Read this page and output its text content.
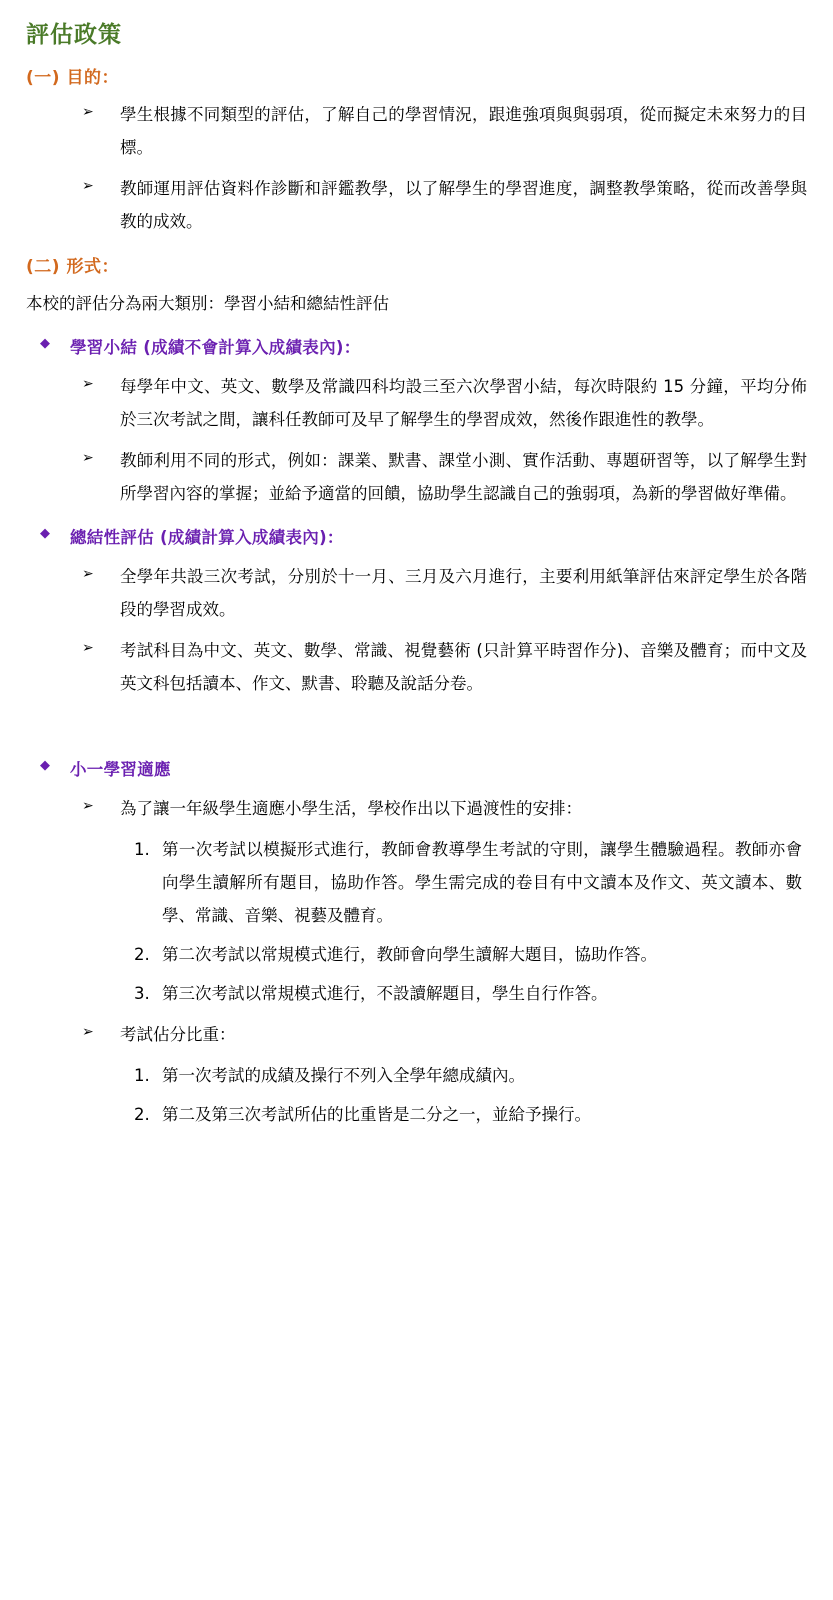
評估政策
(一) 目的：
➢	學生根據不同類型的評估，了解自己的學習情況，跟進強項與與弱項，從而擬定未來努力的目標。
➢	教師運用評估資料作診斷和評鑑教學，以了解學生的學習進度，調整教學策略，從而改善學與教的成效。
(二) 形式：
本校的評估分為兩大類別：學習小結和總結性評估
◆	學習小結 (成績不會計算入成績表內)：
➢	每學年中文、英文、數學及常識四科均設三至六次學習小結，每次時限約 15 分鐘，平均分佈於三次考試之間，讓科任教師可及早了解學生的學習成效，然後作跟進性的教學。
➢	教師利用不同的形式，例如：課業、默書、課堂小測、實作活動、專題研習等，以了解學生對所學習內容的掌握；並給予適當的回饋，協助學生認識自己的強弱項，為新的學習做好準備。
◆	總結性評估 (成績計算入成績表內)：
➢	全學年共設三次考試，分別於十一月、三月及六月進行，主要利用紙筆評估來評定學生於各階段的學習成效。
➢	考試科目為中文、英文、數學、常識、視覺藝術 (只計算平時習作分)、音樂及體育；而中文及英文科包括讀本、作文、默書、聆聽及說話分卷。
◆	小一學習適應
➢	為了讓一年級學生適應小學生活，學校作出以下過渡性的安排：
1. 第一次考試以模擬形式進行，教師會教導學生考試的守則，讓學生體驗過程。教師亦會向學生讀解所有題目，協助作答。學生需完成的卷目有中文讀本及作文、英文讀本、數學、常識、音樂、視藝及體育。
2. 第二次考試以常規模式進行，教師會向學生讀解大題目，協助作答。
3. 第三次考試以常規模式進行，不設讀解題目，學生自行作答。
➢	考試佔分比重：
1. 第一次考試的成績及操行不列入全學年總成績內。
2. 第二及第三次考試所佔的比重皆是二分之一，並給予操行。
